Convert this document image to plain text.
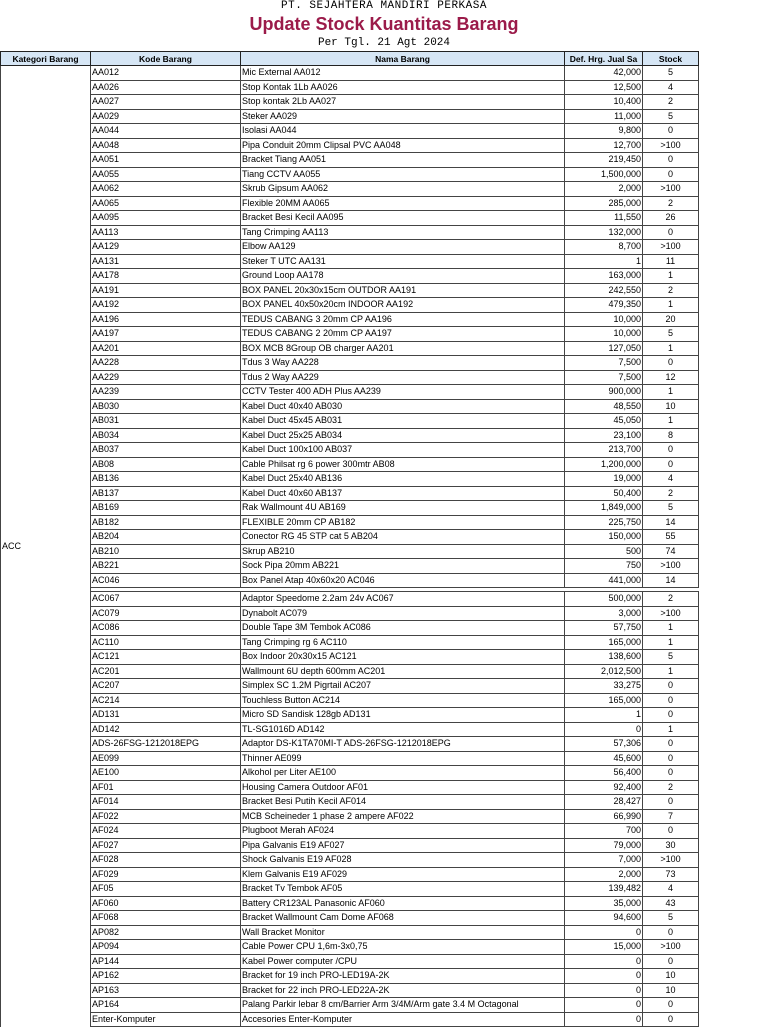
PT. SEJAHTERA MANDIRI PERKASA
Update Stock Kuantitas Barang
Per Tgl. 21 Agt 2024
Kategori Barang	Kode Barang	Nama Barang	Def. Hrg. Jual Sa	Stock
ACC	AA012	Mic External AA012	42,000	5
	AA026	Stop Kontak 1Lb AA026	12,500	4
	AA027	Stop kontak 2Lb AA027	10,400	2
	AA029	Steker AA029	11,000	5
	AA044	Isolasi AA044	9,800	0
	AA048	Pipa Conduit 20mm Clipsal PVC AA048	12,700	>100
	AA051	Bracket Tiang AA051	219,450	0
	AA055	Tiang CCTV AA055	1,500,000	0
	AA062	Skrub Gipsum AA062	2,000	>100
	AA065	Flexible 20MM AA065	285,000	2
	AA095	Bracket Besi Kecil AA095	11,550	26
	AA113	Tang Crimping AA113	132,000	0
	AA129	Elbow AA129	8,700	>100
	AA131	Steker T UTC AA131	1	11
	AA178	Ground Loop AA178	163,000	1
	AA191	BOX PANEL 20x30x15cm OUTDOR AA191	242,550	2
	AA192	BOX PANEL 40x50x20cm INDOOR AA192	479,350	1
	AA196	TEDUS CABANG 3 20mm CP AA196	10,000	20
	AA197	TEDUS CABANG 2 20mm CP AA197	10,000	5
	AA201	BOX MCB 8Group OB charger AA201	127,050	1
	AA228	Tdus 3 Way AA228	7,500	0
	AA229	Tdus 2 Way AA229	7,500	12
	AA239	CCTV Tester 400 ADH Plus AA239	900,000	1
	AB030	Kabel Duct 40x40 AB030	48,550	10
	AB031	Kabel Duct 45x45 AB031	45,050	1
	AB034	Kabel Duct 25x25 AB034	23,100	8
	AB037	Kabel Duct 100x100 AB037	213,700	0
	AB08	Cable Philsat rg 6 power 300mtr AB08	1,200,000	0
	AB136	Kabel Duct 25x40 AB136	19,000	4
	AB137	Kabel Duct 40x60 AB137	50,400	2
	AB169	Rak Wallmount 4U AB169	1,849,000	5
	AB182	FLEXIBLE 20mm CP AB182	225,750	14
	AB204	Conector RG 45 STP cat 5 AB204	150,000	55
	AB210	Skrup AB210	500	74
	AB221	Sock Pipa 20mm AB221	750	>100
	AC046	Box Panel Atap 40x60x20 AC046	441,000	14

	AC067	Adaptor Speedome 2.2am 24v AC067	500,000	2
	AC079	Dynabolt AC079	3,000	>100
	AC086	Double Tape 3M Tembok AC086	57,750	1
	AC110	Tang Crimping rg 6 AC110	165,000	1
	AC121	Box Indoor 20x30x15 AC121	138,600	5
	AC201	Wallmount 6U depth 600mm AC201	2,012,500	1
	AC207	Simplex SC 1.2M Pigrtail AC207	33,275	0
	AC214	Touchless Button AC214	165,000	0
	AD131	Micro SD Sandisk 128gb AD131	1	0
	AD142	TL-SG1016D AD142	0	1
	ADS-26FSG-1212018EPG	Adaptor DS-K1TA70MI-T ADS-26FSG-1212018EPG	57,306	0
	AE099	Thinner AE099	45,600	0
	AE100	Alkohol per Liter AE100	56,400	0
	AF01	Housing Camera Outdoor AF01	92,400	2
	AF014	Bracket Besi Putih Kecil AF014	28,427	0
	AF022	MCB Scheineder 1 phase 2 ampere AF022	66,990	7
	AF024	Plugboot Merah AF024	700	0
	AF027	Pipa Galvanis E19 AF027	79,000	30
	AF028	Shock Galvanis E19 AF028	7,000	>100
	AF029	Klem Galvanis E19 AF029	2,000	73
	AF05	Bracket Tv Tembok AF05	139,482	4
	AF060	Battery CR123AL Panasonic AF060	35,000	43
	AF068	Bracket Wallmount Cam Dome AF068	94,600	5
	AP082	Wall Bracket Monitor	0	0
	AP094	Cable Power CPU 1,6m-3x0,75	15,000	>100
	AP144	Kabel Power computer /CPU	0	0
	AP162	Bracket for 19 inch PRO-LED19A-2K	0	10
	AP163	Bracket for 22 inch PRO-LED22A-2K	0	10
	AP164	Palang Parkir lebar 8 cm/Barrier Arm 3/4M/Arm gate 3.4 M Octagonal	0	0
	Enter-Komputer	Accesories Enter-Komputer	0	0
